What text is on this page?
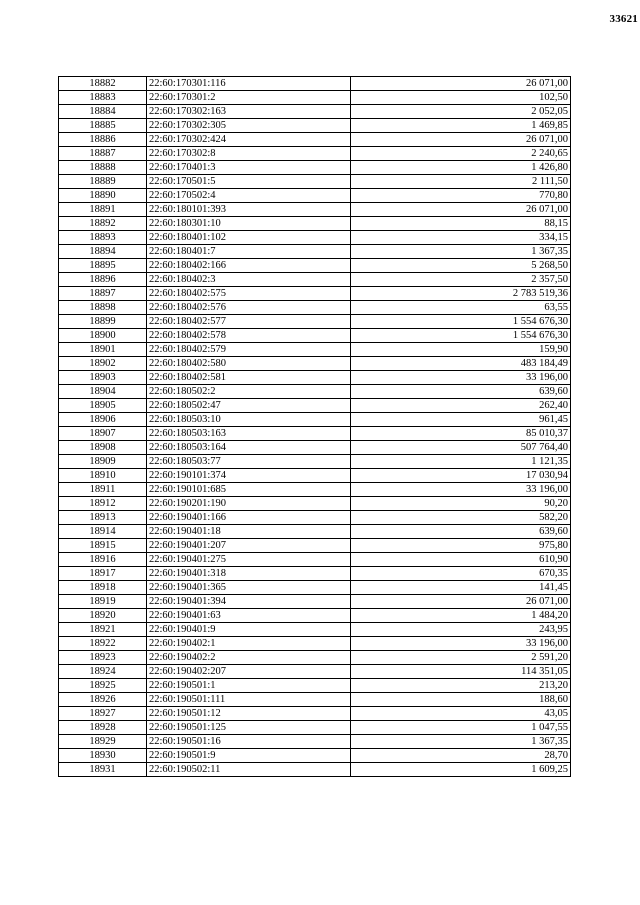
33621
18882	22:60:170301:116	26 071,00
18883	22:60:170301:2	102,50
18884	22:60:170302:163	2 052,05
18885	22:60:170302:305	1 469,85
18886	22:60:170302:424	26 071,00
18887	22:60:170302:8	2 240,65
18888	22:60:170401:3	1 426,80
18889	22:60:170501:5	2 111,50
18890	22:60:170502:4	770,80
18891	22:60:180101:393	26 071,00
18892	22:60:180301:10	88,15
18893	22:60:180401:102	334,15
18894	22:60:180401:7	1 367,35
18895	22:60:180402:166	5 268,50
18896	22:60:180402:3	2 357,50
18897	22:60:180402:575	2 783 519,36
18898	22:60:180402:576	63,55
18899	22:60:180402:577	1 554 676,30
18900	22:60:180402:578	1 554 676,30
18901	22:60:180402:579	159,90
18902	22:60:180402:580	483 184,49
18903	22:60:180402:581	33 196,00
18904	22:60:180502:2	639,60
18905	22:60:180502:47	262,40
18906	22:60:180503:10	961,45
18907	22:60:180503:163	85 010,37
18908	22:60:180503:164	507 764,40
18909	22:60:180503:77	1 121,35
18910	22:60:190101:374	17 030,94
18911	22:60:190101:685	33 196,00
18912	22:60:190201:190	90,20
18913	22:60:190401:166	582,20
18914	22:60:190401:18	639,60
18915	22:60:190401:207	975,80
18916	22:60:190401:275	610,90
18917	22:60:190401:318	670,35
18918	22:60:190401:365	141,45
18919	22:60:190401:394	26 071,00
18920	22:60:190401:63	1 484,20
18921	22:60:190401:9	243,95
18922	22:60:190402:1	33 196,00
18923	22:60:190402:2	2 591,20
18924	22:60:190402:207	114 351,05
18925	22:60:190501:1	213,20
18926	22:60:190501:111	188,60
18927	22:60:190501:12	43,05
18928	22:60:190501:125	1 047,55
18929	22:60:190501:16	1 367,35
18930	22:60:190501:9	28,70
18931	22:60:190502:11	1 609,25
